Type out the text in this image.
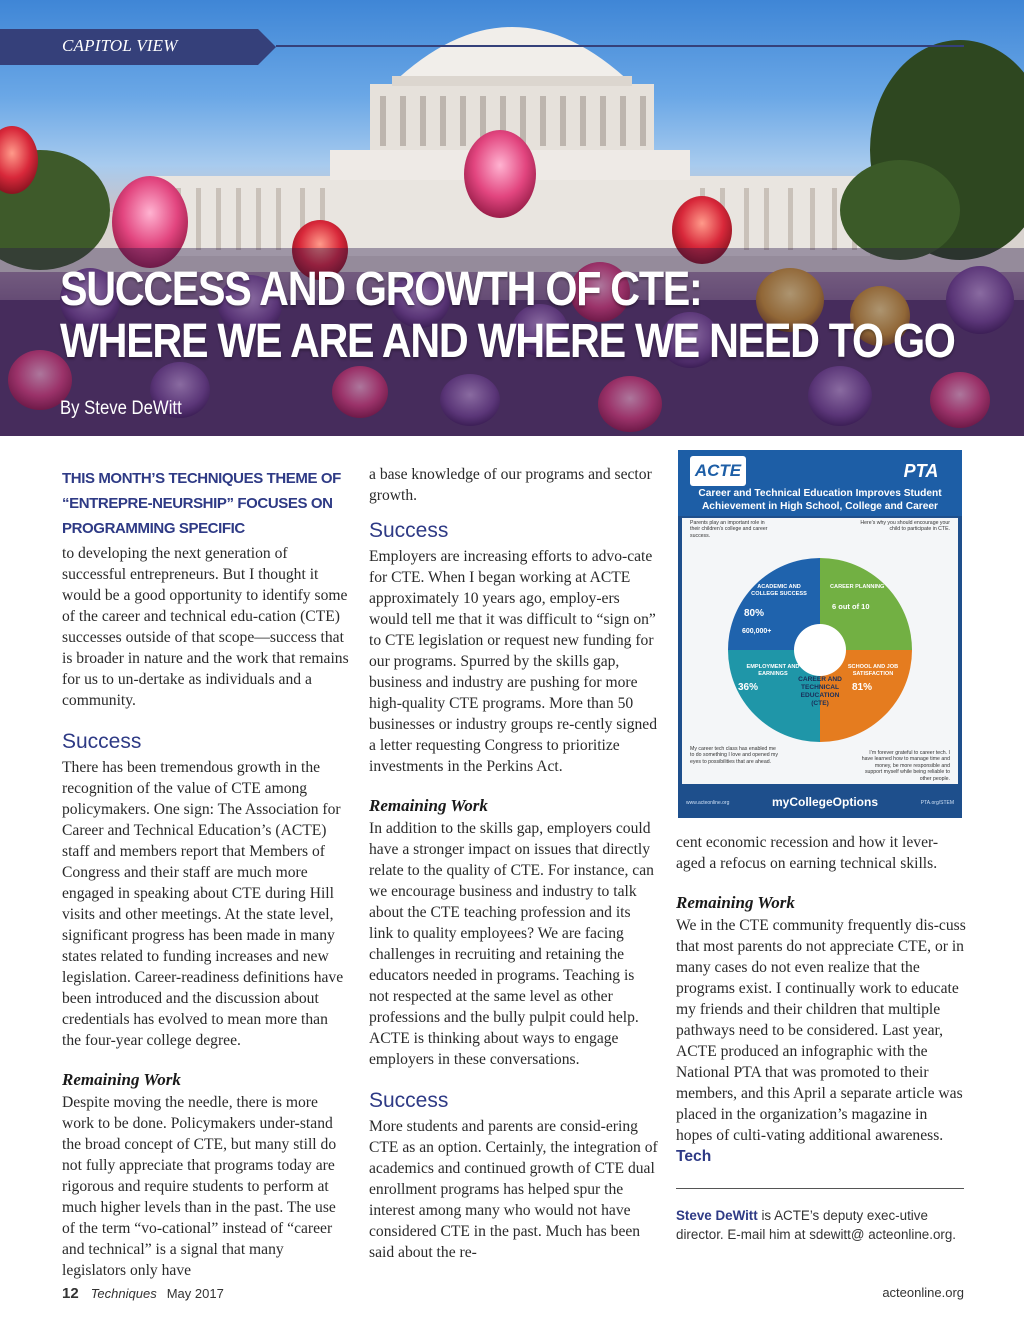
CAPITOL VIEW
SUCCESS AND GROWTH OF CTE:
WHERE WE ARE AND WHERE WE NEED TO GO
By Steve DeWitt
THIS MONTH’S TECHNIQUES THEME OF “ENTREPRE-NEURSHIP” FOCUSES ON PROGRAMMING SPECIFIC

to developing the next generation of successful entrepreneurs. But I thought it would be a good opportunity to identify some of the career and technical edu-cation (CTE) successes outside of that scope—success that is broader in nature and the work that remains for us to un-dertake as individuals and a community.

Success

There has been tremendous growth in the recognition of the value of CTE among policymakers. One sign: The Association for Career and Technical Education’s (ACTE) staff and members report that Members of Congress and their staff are much more engaged in speaking about CTE during Hill visits and other meetings. At the state level, significant progress has been made in many states related to funding increases and new legislation. Career-readiness definitions have been introduced and the discussion about credentials has evolved to mean more than the four-year college degree.

Remaining Work

Despite moving the needle, there is more work to be done. Policymakers under-stand the broad concept of CTE, but many still do not fully appreciate that programs today are rigorous and require students to perform at much higher levels than in the past. The use of the term “vo-cational” instead of “career and technical” is a signal that many legislators only have

a base knowledge of our programs and sector growth.

Success

Employers are increasing efforts to advo-cate for CTE. When I began working at ACTE approximately 10 years ago, employ-ers would tell me that it was difficult to “sign on” to CTE legislation or request new funding for our programs. Spurred by the skills gap, business and industry are pushing for more high-quality CTE programs. More than 50 businesses or industry groups re-cently signed a letter requesting Congress to prioritize investments in the Perkins Act.

Remaining Work

In addition to the skills gap, employers could have a stronger impact on issues that directly relate to the quality of CTE. For instance, can we encourage business and industry to talk about the CTE teaching profession and its link to quality employees? We are facing challenges in recruiting and retaining the educators needed in programs. Teaching is not respected at the same level as other professions and the bully pulpit could help. ACTE is thinking about ways to engage employers in these conversations.

Success

More students and parents are consid-ering CTE as an option. Certainly, the integration of academics and continued growth of CTE dual enrollment programs has helped spur the interest among many who would not have considered CTE in the past. Much has been said about the re-

ACTE	PTA
Career and Technical Education Improves Student Achievement in High School, College and Career
Parents play an important role in their children’s college and career success.
Here’s why you should encourage your child to participate in CTE.
ACADEMIC AND COLLEGE SUCCESS
80%
600,000+
CAREER PLANNING
6 out of 10
EMPLOYMENT AND EARNINGS
36%
SCHOOL AND JOB SATISFACTION
81%
CAREER AND TECHNICAL EDUCATION (CTE)
My career tech class has enabled me to do something I love and opened my eyes to possibilities that are ahead.
I’m forever grateful to career tech. I have learned how to manage time and money, be more responsible and support myself while being reliable to other people.
www.acteonline.org	myCollegeOptions	PTA.org/STEM

cent economic recession and how it lever-aged a refocus on earning technical skills.

Remaining Work

We in the CTE community frequently dis-cuss that most parents do not appreciate CTE, or in many cases do not even realize that the programs exist. I continually work to educate my friends and their children that multiple pathways need to be considered. Last year, ACTE produced an infographic with the National PTA that was promoted to their members, and this April a separate article was placed in the organization’s magazine in hopes of culti-vating additional awareness. Tech

Steve DeWitt is ACTE’s deputy exec-utive director. E-mail him at sdewitt@ acteonline.org.
12 Techniques May 2017	acteonline.org
